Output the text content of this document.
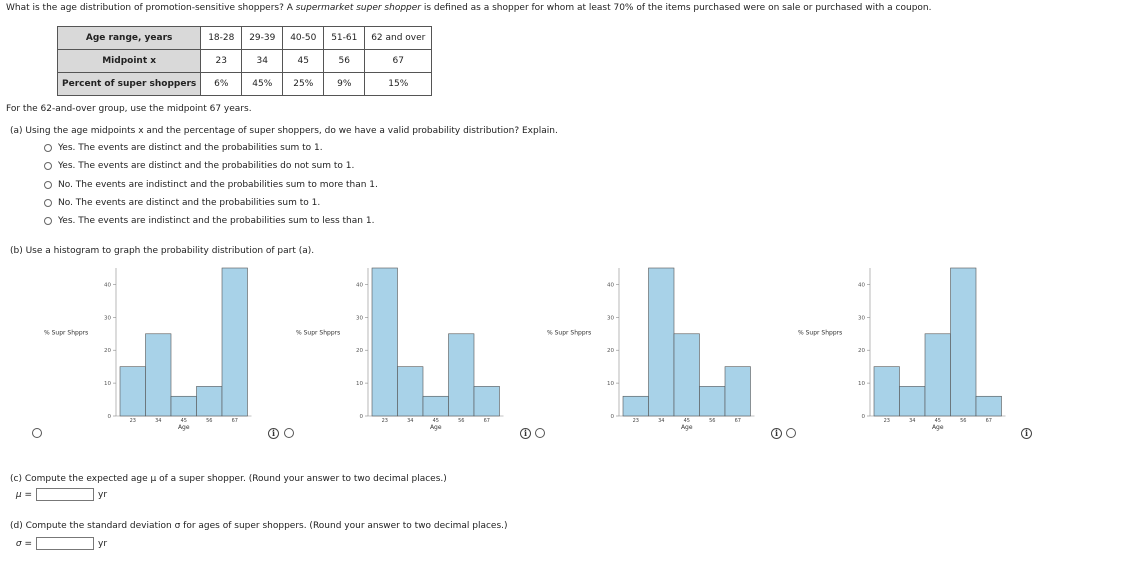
What is the age distribution of promotion-sensitive shoppers? A supermarket super shopper is defined as a shopper for whom at least 70% of the items purchased were on sale or purchased with a coupon.
Age range, years	18-28	29-39	40-50	51-61	62 and over
Midpoint x	23	34	45	56	67
Percent of super shoppers	6%	45%	25%	9%	15%
For the 62-and-over group, use the midpoint 67 years.
(a) Using the age midpoints x and the percentage of super shoppers, do we have a valid probability distribution? Explain.
Yes. The events are distinct and the probabilities sum to 1.
Yes. The events are distinct and the probabilities do not sum to 1.
No. The events are indistinct and the probabilities sum to more than 1.
No. The events are distinct and the probabilities sum to 1.
Yes. The events are indistinct and the probabilities sum to less than 1.
(b) Use a histogram to graph the probability distribution of part (a).
0
10
20
30
40
% Supr Shpprs
23	34	45	56	67
Age
0
10
20
30
40
% Supr Shpprs
23	34	45	56	67
Age
0
10
20
30
40
% Supr Shpprs
23	34	45	56	67
Age
0
10
20
30
40
% Supr Shpprs
23	34	45	56	67
Age
i	i	i	i
(c) Compute the expected age μ of a super shopper. (Round your answer to two decimal places.)
μ =	yr
(d) Compute the standard deviation σ for ages of super shoppers. (Round your answer to two decimal places.)
σ =	yr
